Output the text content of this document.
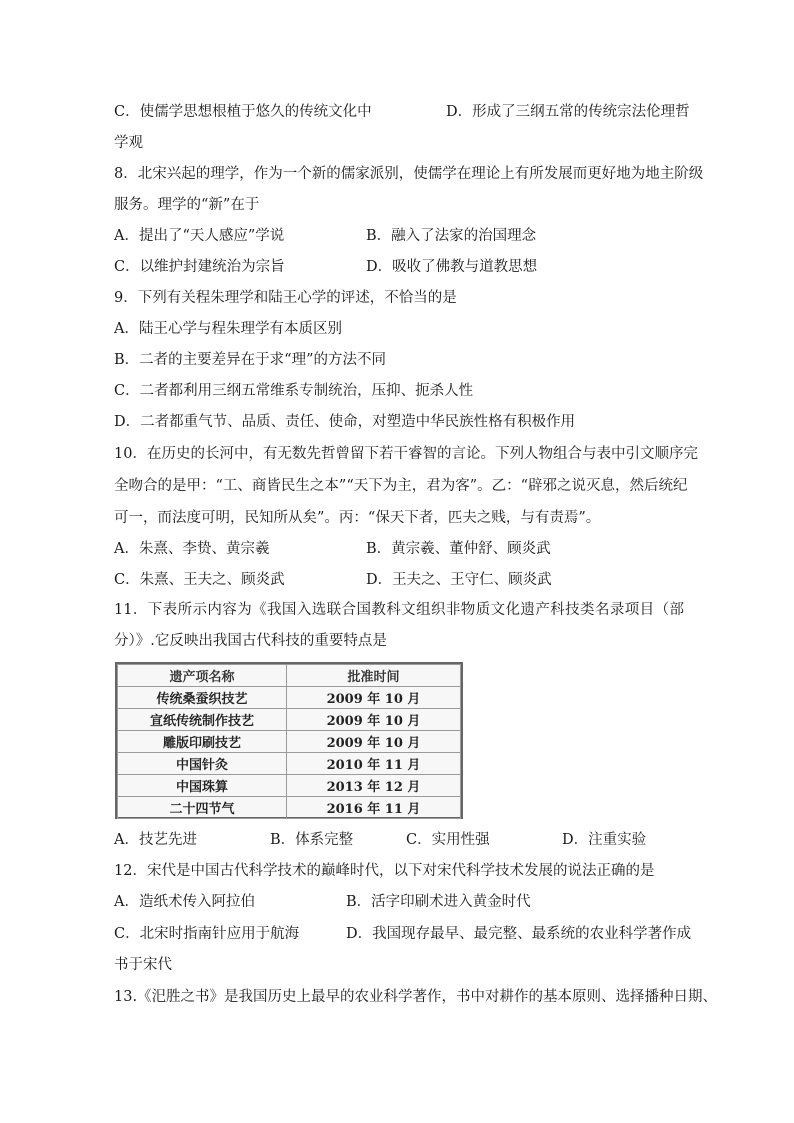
C．使儒学思想根植于悠久的传统文化中	D．形成了三纲五常的传统宗法伦理哲
学观
8．北宋兴起的理学，作为一个新的儒家派别，使儒学在理论上有所发展而更好地为地主阶级
服务。理学的“新”在于
A．提出了“天人感应”学说	B．融入了法家的治国理念
C．以维护封建统治为宗旨	D．吸收了佛教与道教思想
9．下列有关程朱理学和陆王心学的评述，不恰当的是
A．陆王心学与程朱理学有本质区别
B．二者的主要差异在于求“理”的方法不同
C．二者都利用三纲五常维系专制统治，压抑、扼杀人性
D．二者都重气节、品质、责任、使命，对塑造中华民族性格有积极作用
10．在历史的长河中，有无数先哲曾留下若干睿智的言论。下列人物组合与表中引文顺序完
全吻合的是甲：“工、商皆民生之本”“天下为主，君为客”。乙：“辟邪之说灭息，然后统纪
可一，而法度可明，民知所从矣”。丙：“保天下者，匹夫之贱，与有责焉”。
A．朱熹、李贽、黄宗羲	B．黄宗羲、董仲舒、顾炎武
C．朱熹、王夫之、顾炎武	D．王夫之、王守仁、顾炎武
11．下表所示内容为《我国入选联合国教科文组织非物质文化遗产科技类名录项目（部
分）》.它反映出我国古代科技的重要特点是
遗产项名称	批准时间
传统桑蚕织技艺	2009 年 10 月
宣纸传统制作技艺	2009 年 10 月
雕版印刷技艺	2009 年 10 月
中国针灸	2010 年 11 月
中国珠算	2013 年 12 月
二十四节气	2016 年 11 月
A．技艺先进	B．体系完整	C．实用性强	D．注重实验
12．宋代是中国古代科学技术的巅峰时代，以下对宋代科学技术发展的说法正确的是
A．造纸术传入阿拉伯	B．活字印刷术进入黄金时代
C．北宋时指南针应用于航海	D．我国现存最早、最完整、最系统的农业科学著作成
书于宋代
13.《汜胜之书》是我国历史上最早的农业科学著作，书中对耕作的基本原则、选择播种日期、
